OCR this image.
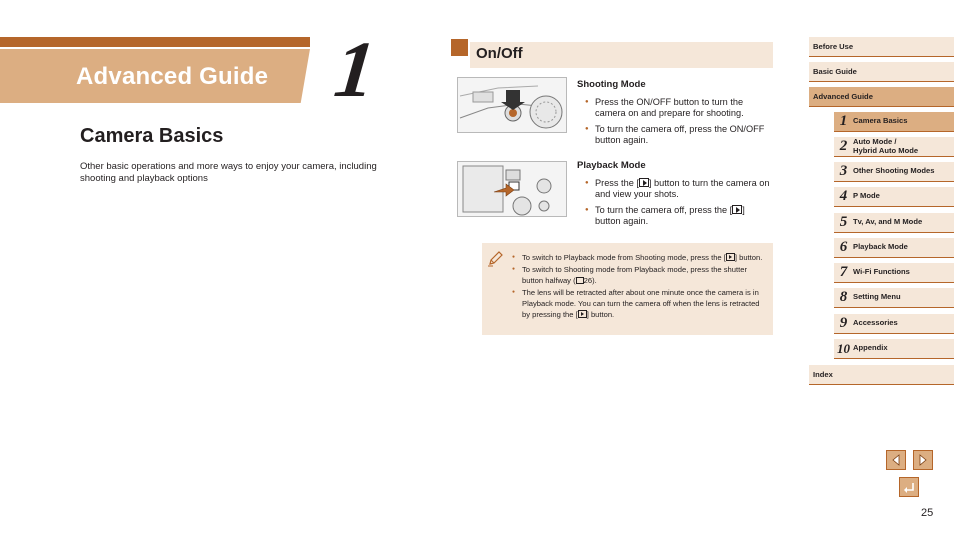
Advanced Guide 1
Camera Basics
Other basic operations and more ways to enjoy your camera, including shooting and playback options
On/Off
Shooting Mode
● Press the ON/OFF button to turn the camera on and prepare for shooting.
● To turn the camera off, press the ON/OFF button again.
Playback Mode
● Press the [ ] button to turn the camera on and view your shots.
● To turn the camera off, press the [ ] button again.
● To switch to Playback mode from Shooting mode, press the [ ] button.
● To switch to Shooting mode from Playback mode, press the shutter button halfway ( 26).
● The lens will be retracted after about one minute once the camera is in Playback mode. You can turn the camera off when the lens is retracted by pressing the [ ] button.
Before Use
Basic Guide
Advanced Guide
1 Camera Basics
2 Auto Mode /
Hybrid Auto Mode
3 Other Shooting Modes
4 P Mode
5 Tv, Av, and M Mode
6 Playback Mode
7 Wi-Fi Functions
8 Setting Menu
9 Accessories
10 Appendix
Index
25
